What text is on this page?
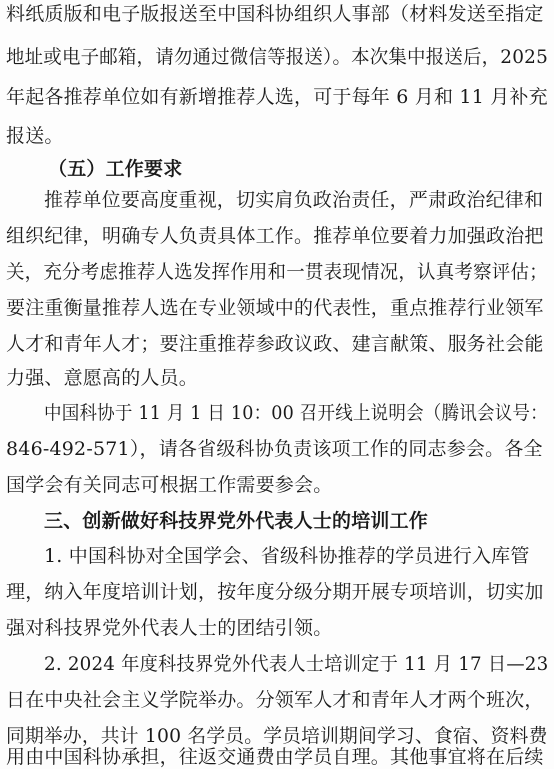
料纸质版和电子版报送至中国科协组织人事部（材料发送至指定
地址或电子邮箱，请勿通过微信等报送）。本次集中报送后，2025
年起各推荐单位如有新增推荐人选，可于每年 6 月和 11 月补充
报送。
（五）工作要求
推荐单位要高度重视，切实肩负政治责任，严肃政治纪律和
组织纪律，明确专人负责具体工作。推荐单位要着力加强政治把
关，充分考虑推荐人选发挥作用和一贯表现情况，认真考察评估；
要注重衡量推荐人选在专业领域中的代表性，重点推荐行业领军
人才和青年人才；要注重推荐参政议政、建言献策、服务社会能
力强、意愿高的人员。
中国科协于 11 月 1 日 10：00 召开线上说明会（腾讯会议号：
846-492-571），请各省级科协负责该项工作的同志参会。各全
国学会有关同志可根据工作需要参会。
三、创新做好科技界党外代表人士的培训工作
1. 中国科协对全国学会、省级科协推荐的学员进行入库管
理，纳入年度培训计划，按年度分级分期开展专项培训，切实加
强对科技界党外代表人士的团结引领。
2. 2024 年度科技界党外代表人士培训定于 11 月 17 日—23
日在中央社会主义学院举办。分领军人才和青年人才两个班次，
同期举办，共计 100 名学员。学员培训期间学习、食宿、资料费
用由中国科协承担，往返交通费由学员自理。其他事宜将在后续
